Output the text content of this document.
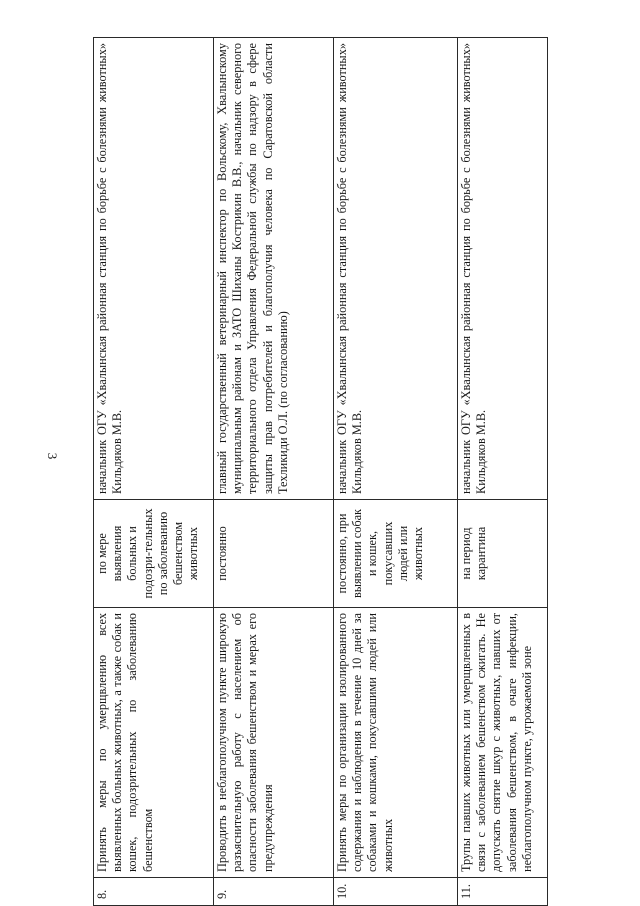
3
8.	Принять меры по умерщвлению всех выявленных больных животных, а также собак и кошек, подозрительных по заболеванию бешенством	по мере выявления больных и подозри-тельных по заболеванию бешенством животных	начальник ОГУ «Хвалынская районная станция по борьбе с болезнями животных» Кильдяков М.В.
9.	Проводить в неблагополучном пункте широкую разъяснительную работу с населением об опасности заболевания бешенством и мерах его предупреждения	постоянно	главный государственный ветеринарный инспектор по Вольскому, Хвалынскому муниципальным районам и ЗАТО Шиханы Кострикин В.В., начальник северного территориального отдела Управления Федеральной службы по надзору в сфере защиты прав потребителей и благополучия человека по Саратовской области Техликиди О.Л. (по согласованию)
10.	Принять меры по организации изолированного содержания и наблюдения в течение 10 дней за собаками и кошками, покусавшими людей или животных	постоянно, при выявлении собак и кошек, покусавших людей или животных	начальник ОГУ «Хвалынская районная станция по борьбе с болезнями животных» Кильдяков М.В.
11.	Трупы павших животных или умерщвленных в связи с заболеванием бешенством сжигать. Не допускать снятие шкур с животных, павших от заболевания бешенством, в очаге инфекции, неблагополучном пункте, угрожаемой зоне	на период карантина	начальник ОГУ «Хвалынская районная станция по борьбе с болезнями животных» Кильдяков М.В.
